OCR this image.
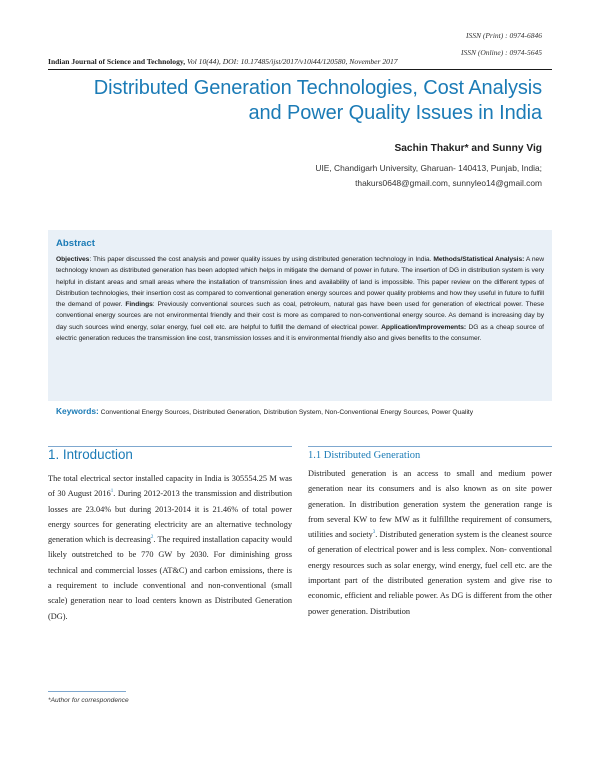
ISSN (Print) : 0974-6846
ISSN (Online) : 0974-5645
Indian Journal of Science and Technology, Vol 10(44), DOI: 10.17485/ijst/2017/v10i44/120580, November 2017
Distributed Generation Technologies, Cost Analysis
and Power Quality Issues in India
Sachin Thakur* and Sunny Vig
UIE, Chandigarh University, Gharuan- 140413, Punjab, India;
thakurs0648@gmail.com, sunnyleo14@gmail.com
Abstract
Objectives: This paper discussed the cost analysis and power quality issues by using distributed generation technology in India. Methods/Statistical Analysis: A new technology known as distributed generation has been adopted which helps in mitigate the demand of power in future. The insertion of DG in distribution system is very helpful in distant areas and small areas where the installation of transmission lines and availability of land is impossible. This paper review on the different types of Distribution technologies, their insertion cost as compared to conventional generation energy sources and power quality problems and how they useful in future to fulfill the demand of power. Findings: Previously conventional sources such as coal, petroleum, natural gas have been used for generation of electrical power. These conventional energy sources are not environmental friendly and their cost is more as compared to non-conventional energy source. As demand is increasing day by day such sources wind energy, solar energy, fuel cell etc. are helpful to fulfill the demand of electrical power. Application/Improvements: DG as a cheap source of electric generation reduces the transmission line cost, transmission losses and it is environmental friendly also and gives benefits to the consumer.
Keywords: Conventional Energy Sources, Distributed Generation, Distribution System, Non-Conventional Energy Sources, Power Quality
1. Introduction	1.1 Distributed Generation

The total electrical sector installed capacity in India is 305554.25 M was of 30 August 2016$^1$. During 2012-2013 the transmission and distribution losses are 23.04% but during 2013-2014 it is 21.46% of total power energy sources for generating electricity are an alternative technology generation which is decreasing$^2$. The required installation capacity would likely outstretched to be 770 GW by 2030. For diminishing gross technical and commercial losses (AT&C) and carbon emissions, there is a requirement to include conventional and non-conventional (small scale) generation near to load centers known as Distributed Generation (DG).

Distributed generation is an access to small and medium power generation near its consumers and is also known as on site power generation. In distribution generation system the generation range is from several KW to few MW as it fulfillthe requirement of consumers, utilities and society$^3$. Distributed generation system is the cleanest source of generation of electrical power and is less complex. Non- conventional energy resources such as solar energy, wind energy, fuel cell etc. are the important part of the distributed generation system and give rise to economic, efficient and reliable power. As DG is different from the other power generation. Distribution

*Author for correspondence
